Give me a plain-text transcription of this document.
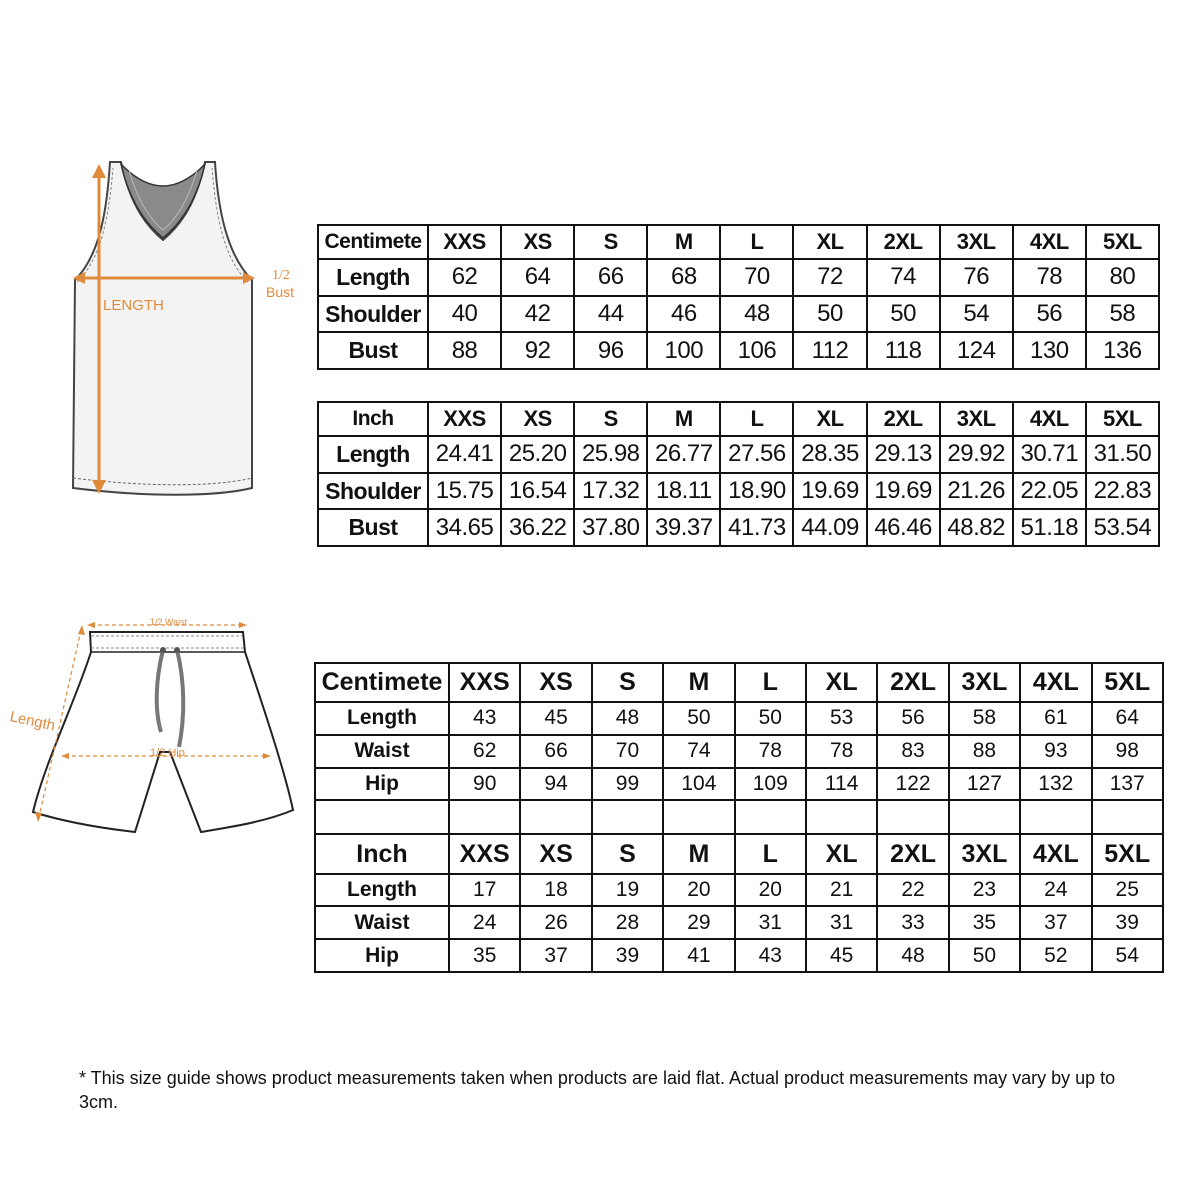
LENGTH
1/2
Bust
Centimete	XXS	XS	S	M	L	XL	2XL	3XL	4XL	5XL
Length	62	64	66	68	70	72	74	76	78	80
Shoulder	40	42	44	46	48	50	50	54	56	58
Bust	88	92	96	100	106	112	118	124	130	136
Inch	XXS	XS	S	M	L	XL	2XL	3XL	4XL	5XL
Length	24.41	25.20	25.98	26.77	27.56	28.35	29.13	29.92	30.71	31.50
Shoulder	15.75	16.54	17.32	18.11	18.90	19.69	19.69	21.26	22.05	22.83
Bust	34.65	36.22	37.80	39.37	41.73	44.09	46.46	48.82	51.18	53.54
1/2 Waist
1/2 Hip
Length
Centimete	XXS	XS	S	M	L	XL	2XL	3XL	4XL	5XL
Length	43	45	48	50	50	53	56	58	61	64
Waist	62	66	70	74	78	78	83	88	93	98
Hip	90	94	99	104	109	114	122	127	132	137

Inch	XXS	XS	S	M	L	XL	2XL	3XL	4XL	5XL
Length	17	18	19	20	20	21	22	23	24	25
Waist	24	26	28	29	31	31	33	35	37	39
Hip	35	37	39	41	43	45	48	50	52	54
* This size guide shows product measurements taken when products are laid flat. Actual product measurements may vary by up to 3cm.
